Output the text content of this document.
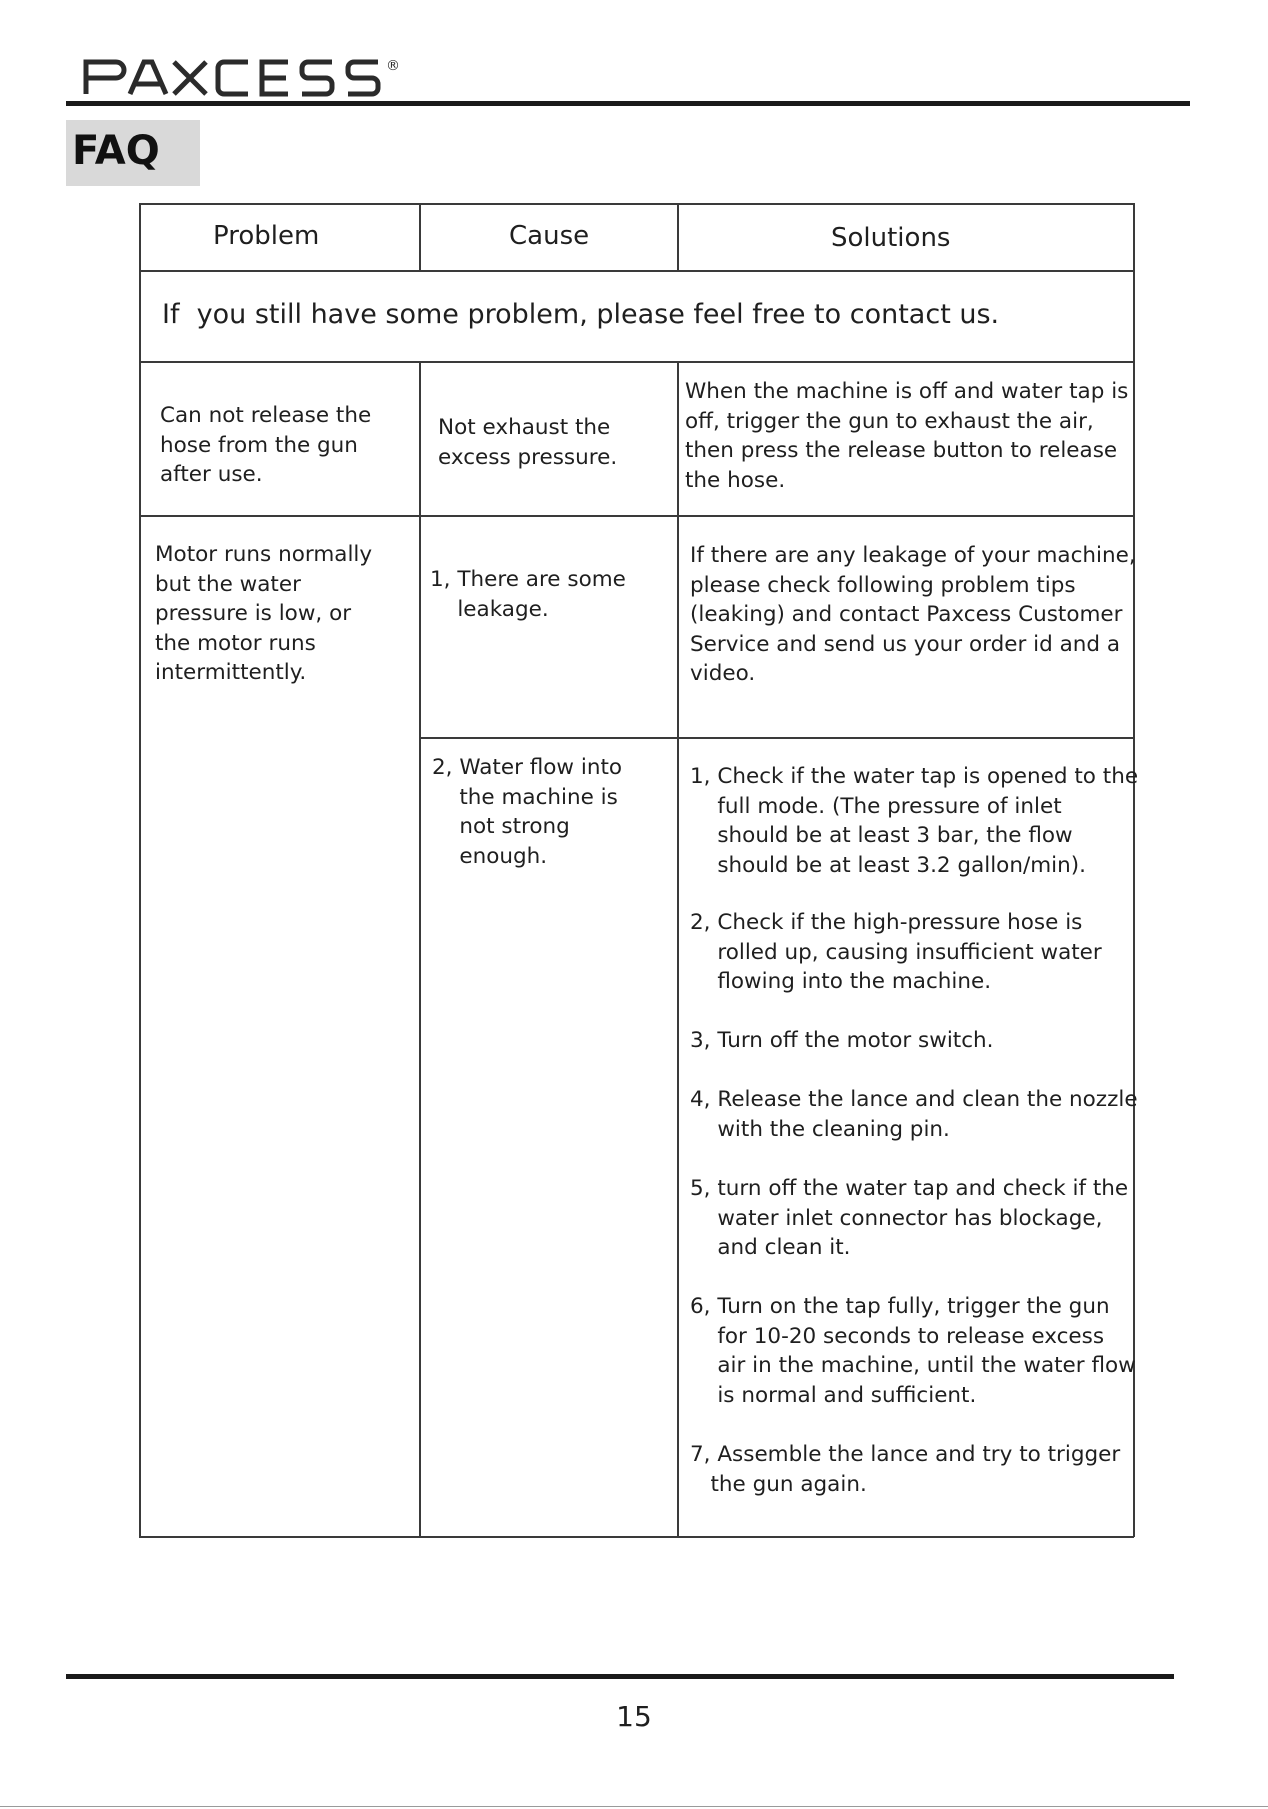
®
FAQ
Problem	Cause	Solutions
If  you still have some problem, please feel free to contact us.
Can not release the
hose from the gun
after use.
Not exhaust the
excess pressure.
When the machine is off and water tap is
off, trigger the gun to exhaust the air,
then press the release button to release
the hose.
Motor runs normally
but the water
pressure is low, or
the motor runs
intermittently.
1, There are some
leakage.
If there are any leakage of your machine,
please check following problem tips
(leaking) and contact Paxcess Customer
Service and send us your order id and a
video.
2, Water flow into
the machine is
not strong
enough.
1, Check if the water tap is opened to the
full mode. (The pressure of inlet
should be at least 3 bar, the flow
should be at least 3.2 gallon/min).
2, Check if the high-pressure hose is
rolled up, causing insufficient water
flowing into the machine.
3, Turn off the motor switch.
4, Release the lance and clean the nozzle
with the cleaning pin.
5, turn off the water tap and check if the
water inlet connector has blockage,
and clean it.
6, Turn on the tap fully, trigger the gun
for 10-20 seconds to release excess
air in the machine, until the water flow
is normal and sufficient.
7, Assemble the lance and try to trigger
the gun again.
15
